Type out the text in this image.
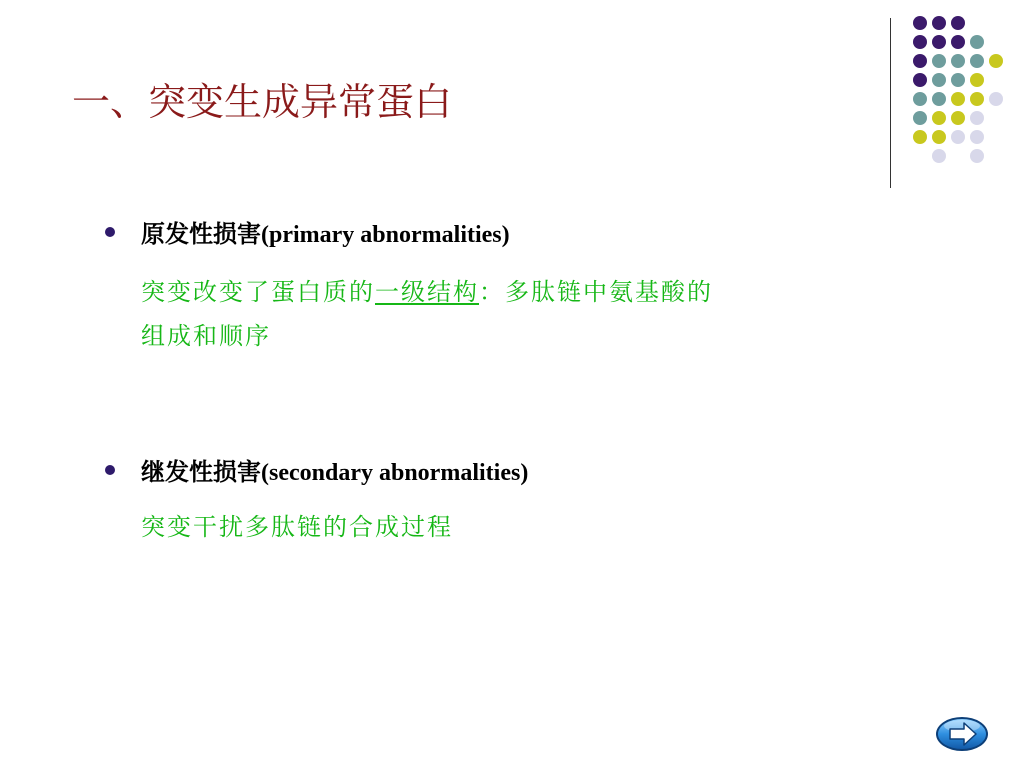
一、突变生成异常蛋白
原发性损害(primary abnormalities)
突变改变了蛋白质的一级结构：多肽链中氨基酸的
组成和顺序
继发性损害(secondary abnormalities)
突变干扰多肽链的合成过程
